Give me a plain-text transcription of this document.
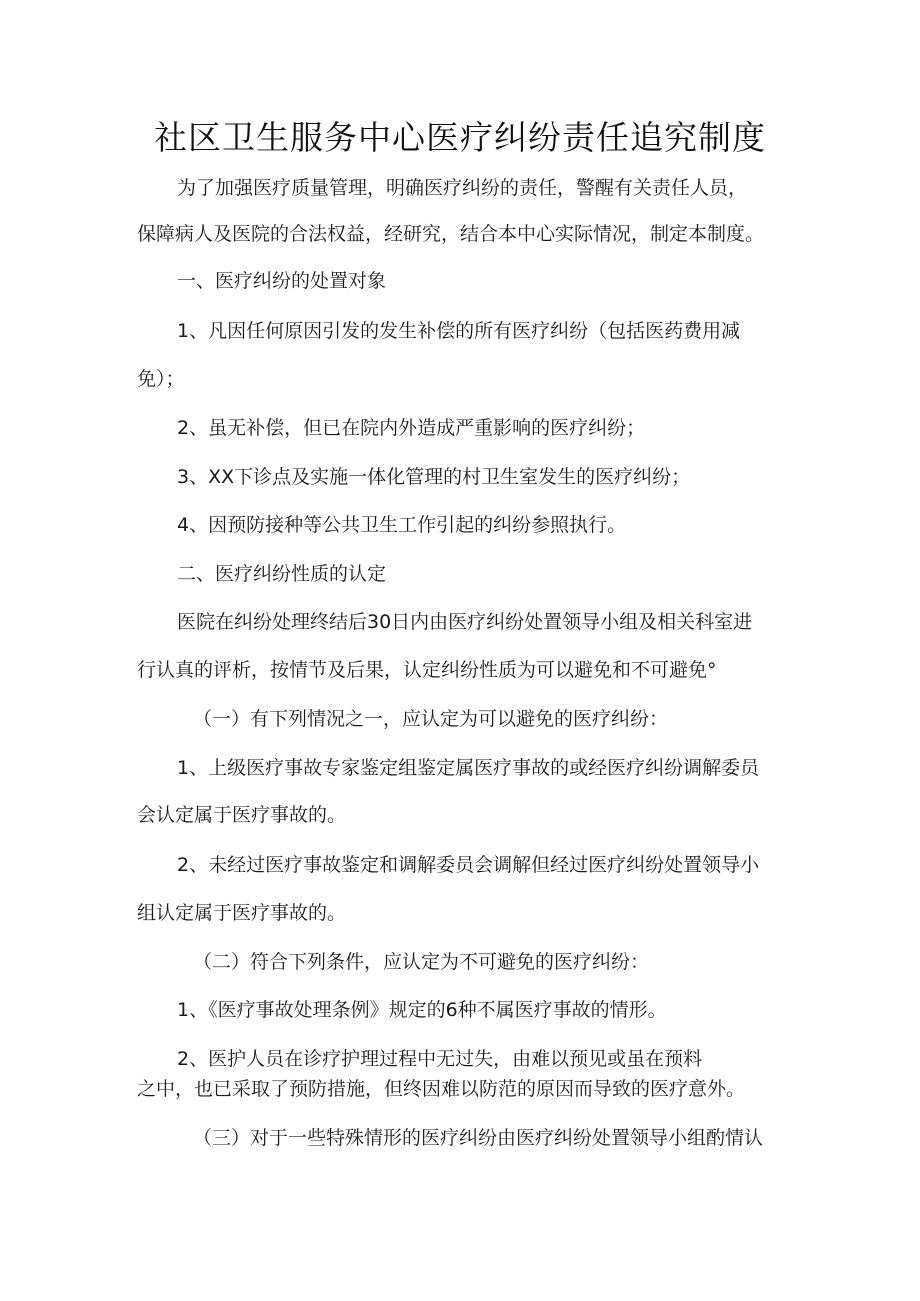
社区卫生服务中心医疗纠纷责任追究制度
为了加强医疗质量管理，明确医疗纠纷的责任，警醒有关责任人员，
保障病人及医院的合法权益，经研究，结合本中心实际情况，制定本制度。
一、医疗纠纷的处置对象
1、凡因任何原因引发的发生补偿的所有医疗纠纷（包括医药费用减
免）；
2、虽无补偿，但已在院内外造成严重影响的医疗纠纷；
3、XX下诊点及实施一体化管理的村卫生室发生的医疗纠纷；
4、因预防接种等公共卫生工作引起的纠纷参照执行。
二、医疗纠纷性质的认定
医院在纠纷处理终结后30日内由医疗纠纷处置领导小组及相关科室进
行认真的评析，按情节及后果，认定纠纷性质为可以避免和不可避免°
（一）有下列情况之一，应认定为可以避免的医疗纠纷：
1、上级医疗事故专家鉴定组鉴定属医疗事故的或经医疗纠纷调解委员
会认定属于医疗事故的。
2、未经过医疗事故鉴定和调解委员会调解但经过医疗纠纷处置领导小
组认定属于医疗事故的。
（二）符合下列条件，应认定为不可避免的医疗纠纷：
1、《医疗事故处理条例》规定的6种不属医疗事故的情形。
2、医护人员在诊疗护理过程中无过失，由难以预见或虽在预料
之中，也已采取了预防措施，但终因难以防范的原因而导致的医疗意外。
（三）对于一些特殊情形的医疗纠纷由医疗纠纷处置领导小组酌情认
